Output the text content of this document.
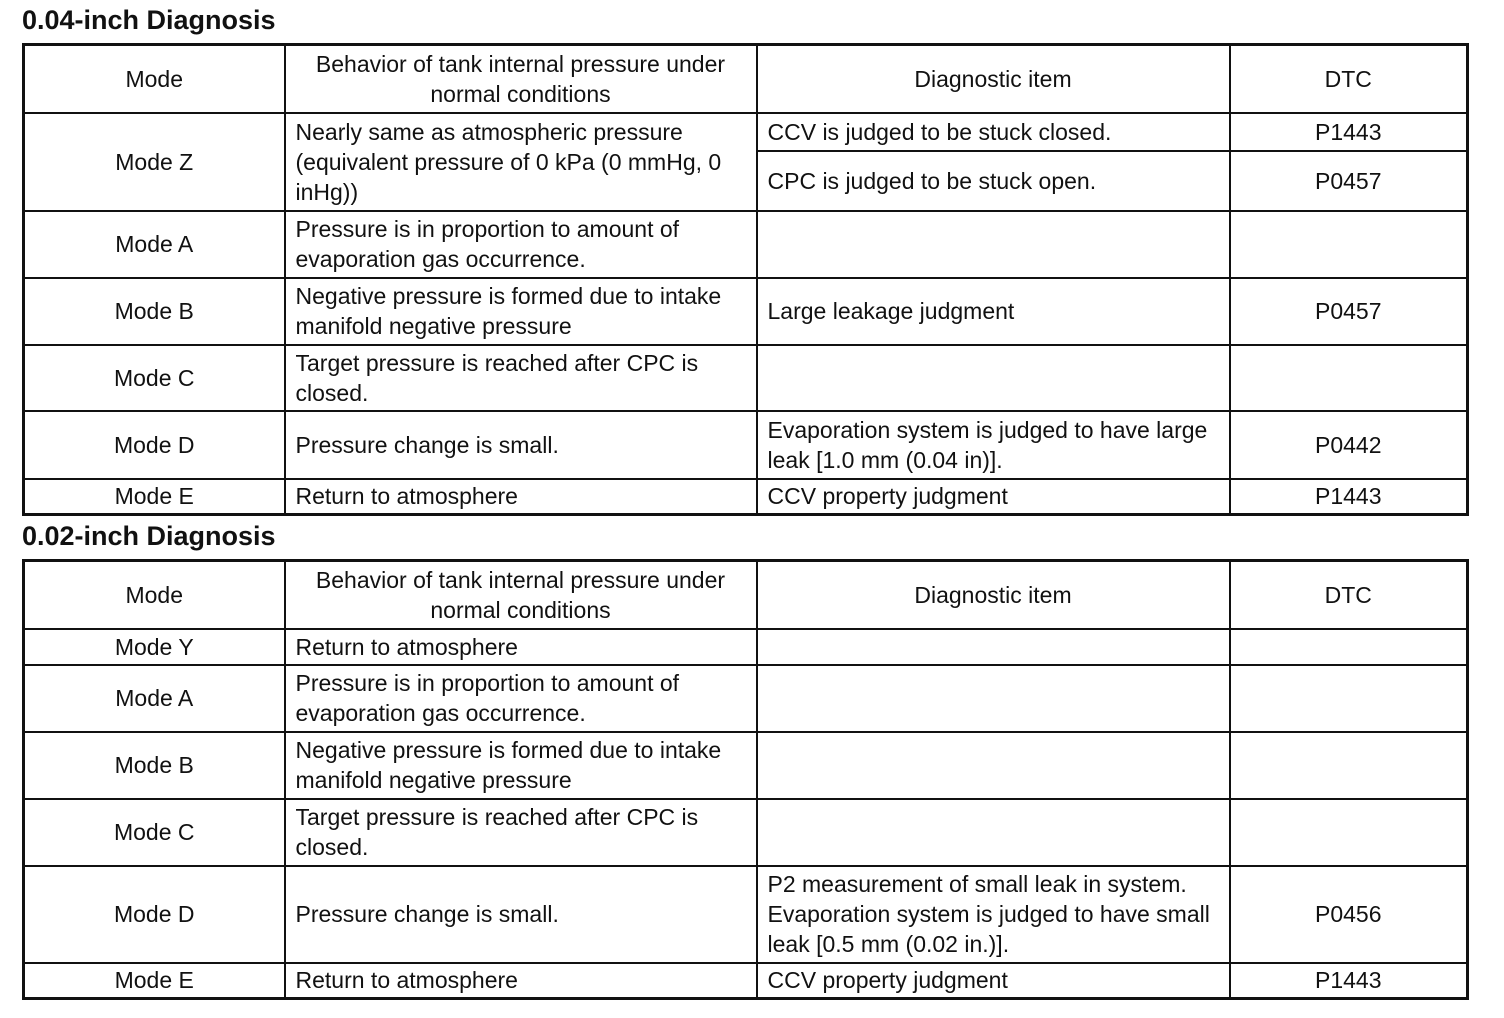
0.04-inch Diagnosis
Mode	Behavior of tank internal pressure under normal conditions	Diagnostic item	DTC
Mode Z	Nearly same as atmospheric pressure (equivalent pressure of 0 kPa (0 mmHg, 0 inHg))	CCV is judged to be stuck closed.	P1443
		CPC is judged to be stuck open.	P0457
Mode A	Pressure is in proportion to amount of evaporation gas occurrence.		
Mode B	Negative pressure is formed due to intake manifold negative pressure	Large leakage judgment	P0457
Mode C	Target pressure is reached after CPC is closed.		
Mode D	Pressure change is small.	Evaporation system is judged to have large leak [1.0 mm (0.04 in)].	P0442
Mode E	Return to atmosphere	CCV property judgment	P1443
0.02-inch Diagnosis
Mode	Behavior of tank internal pressure under normal conditions	Diagnostic item	DTC
Mode Y	Return to atmosphere		
Mode A	Pressure is in proportion to amount of evaporation gas occurrence.		
Mode B	Negative pressure is formed due to intake manifold negative pressure		
Mode C	Target pressure is reached after CPC is closed.		
Mode D	Pressure change is small.	P2 measurement of small leak in system. Evaporation system is judged to have small leak [0.5 mm (0.02 in.)].	P0456
Mode E	Return to atmosphere	CCV property judgment	P1443
